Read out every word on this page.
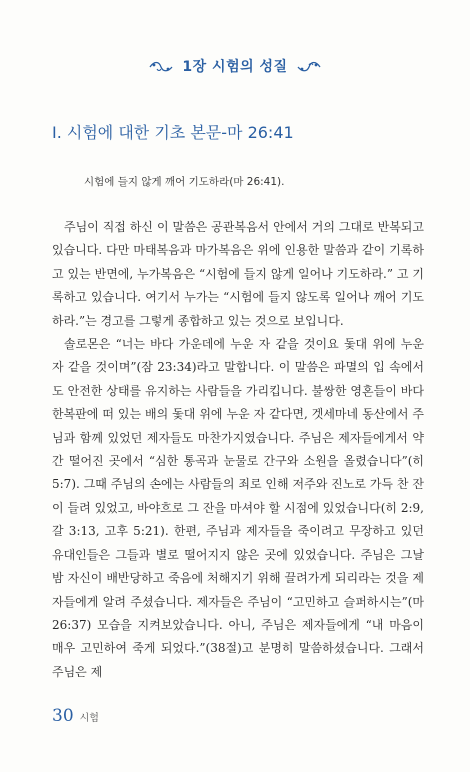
1장 시험의 성질
I. 시험에 대한 기초 본문-마 26:41
시험에 들지 않게 깨어 기도하라(마 26:41).

주님이 직접 하신 이 말씀은 공관복음서 안에서 거의 그대로 반복되고 있습니다. 다만 마태복음과 마가복음은 위에 인용한 말씀과 같이 기록하고 있는 반면에, 누가복음은 “시험에 들지 않게 일어나 기도하라.” 고 기록하고 있습니다. 여기서 누가는 “시험에 들지 않도록 일어나 깨어 기도하라.”는 경고를 그렇게 종합하고 있는 것으로 보입니다.

솔로몬은 “너는 바다 가운데에 누운 자 같을 것이요 돛대 위에 누운 자 같을 것이며”(잠 23:34)라고 말합니다. 이 말씀은 파멸의 입 속에서도 안전한 상태를 유지하는 사람들을 가리킵니다. 불쌍한 영혼들이 바다 한복판에 떠 있는 배의 돛대 위에 누운 자 같다면, 겟세마네 동산에서 주님과 함께 있었던 제자들도 마찬가지였습니다. 주님은 제자들에게서 약간 떨어진 곳에서 “심한 통곡과 눈물로 간구와 소원을 올렸습니다”(히 5:7). 그때 주님의 손에는 사람들의 죄로 인해 저주와 진노로 가득 찬 잔이 들려 있었고, 바야흐로 그 잔을 마셔야 할 시점에 있었습니다(히 2:9, 갈 3:13, 고후 5:21). 한편, 주님과 제자들을 죽이려고 무장하고 있던 유대인들은 그들과 별로 떨어지지 않은 곳에 있었습니다. 주님은 그날 밤 자신이 배반당하고 죽음에 처해지기 위해 끌려가게 되리라는 것을 제자들에게 알려 주셨습니다. 제자들은 주님이 “고민하고 슬퍼하시는”(마 26:37) 모습을 지켜보았습니다. 아니, 주님은 제자들에게 “내 마음이 매우 고민하여 죽게 되었다.”(38절)고 분명히 말씀하셨습니다. 그래서 주님은 제

30 시험
